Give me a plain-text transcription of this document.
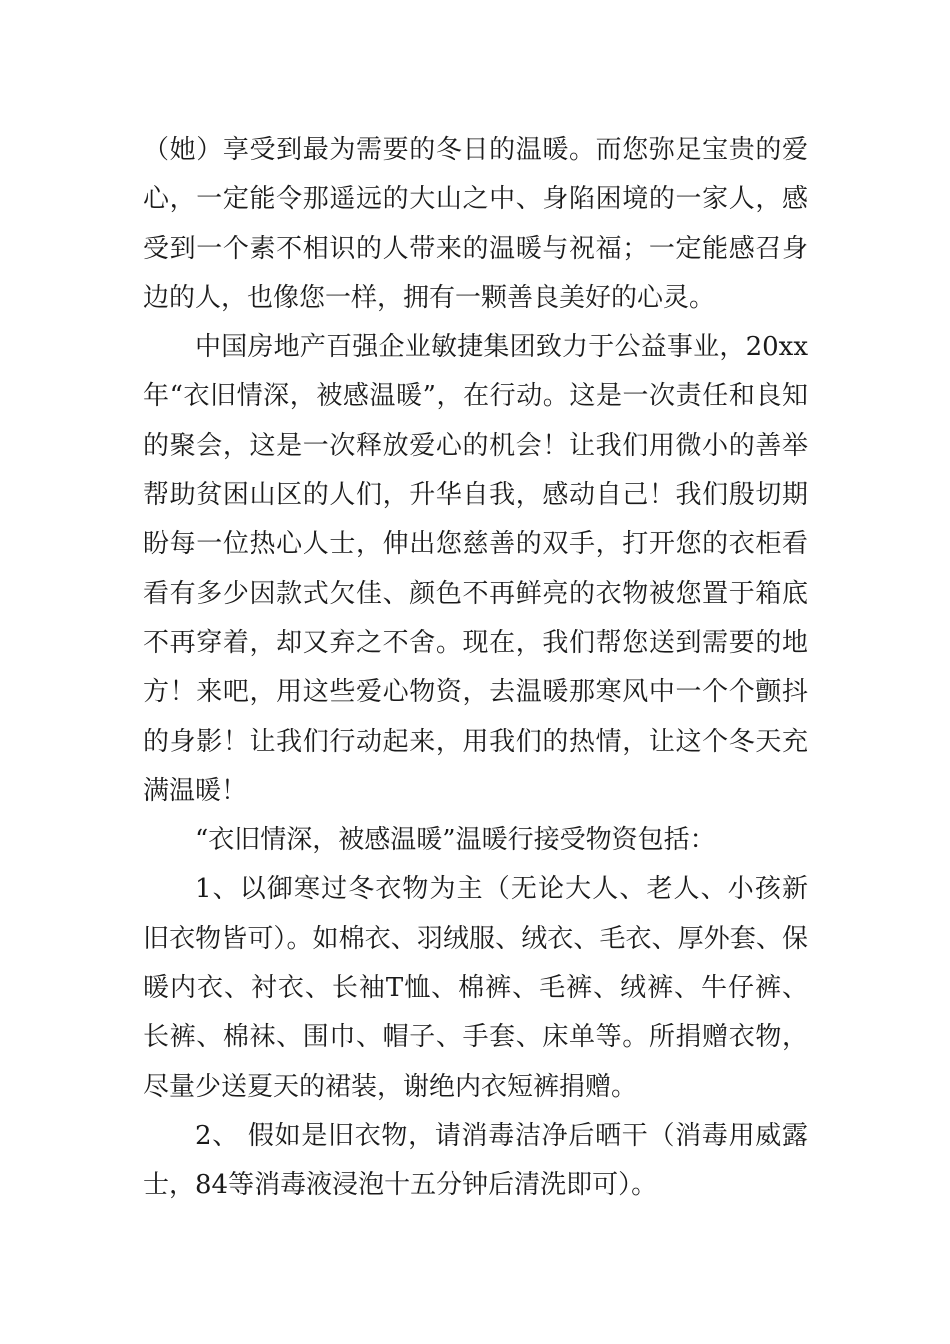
（她）享受到最为需要的冬日的温暖。而您弥足宝贵的爱心，一定能令那遥远的大山之中、身陷困境的一家人，感受到一个素不相识的人带来的温暖与祝福；一定能感召身边的人，也像您一样，拥有一颗善良美好的心灵。

中国房地产百强企业敏捷集团致力于公益事业，20xx年“衣旧情深，被感温暖”，在行动。这是一次责任和良知的聚会，这是一次释放爱心的机会！让我们用微小的善举帮助贫困山区的人们，升华自我，感动自己！我们殷切期盼每一位热心人士，伸出您慈善的双手，打开您的衣柜看看有多少因款式欠佳、颜色不再鲜亮的衣物被您置于箱底不再穿着，却又弃之不舍。现在，我们帮您送到需要的地方！来吧，用这些爱心物资，去温暖那寒风中一个个颤抖的身影！让我们行动起来，用我们的热情，让这个冬天充满温暖！

“衣旧情深，被感温暖”温暖行接受物资包括：

1、以御寒过冬衣物为主（无论大人、老人、小孩新旧衣物皆可）。如棉衣、羽绒服、绒衣、毛衣、厚外套、保暖内衣、衬衣、长袖T恤、棉裤、毛裤、绒裤、牛仔裤、长裤、棉袜、围巾、帽子、手套、床单等。所捐赠衣物，尽量少送夏天的裙装，谢绝内衣短裤捐赠。

2、 假如是旧衣物，请消毒洁净后晒干（消毒用威露士，84等消毒液浸泡十五分钟后清洗即可）。
